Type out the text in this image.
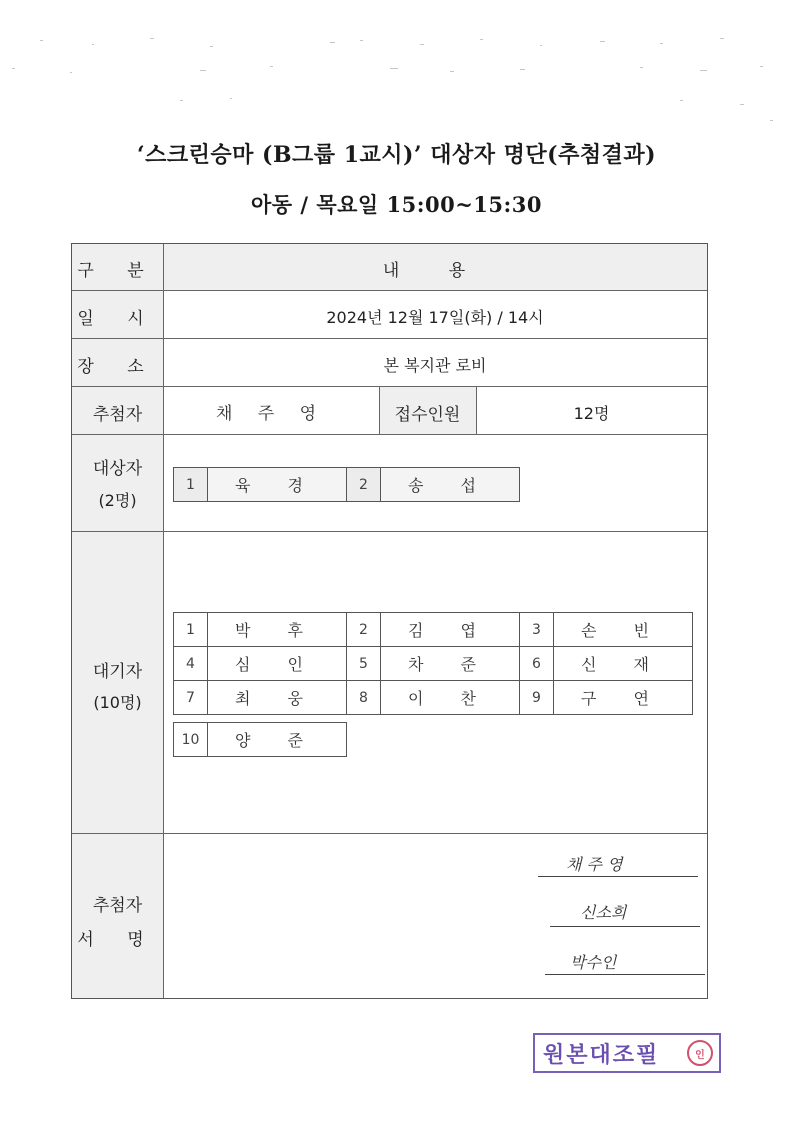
‘스크린승마 (B그룹 1교시)’ 대상자 명단(추첨결과)
아동 / 목요일 15:00~15:30
구 분	내 용
일 시	2024년 12월 17일(화) / 14시
장 소	본 복지관 로비
추첨자	채 주 영	접수인원	12명
대상자
(2명)
1	육 경	2	송 섭
대기자
(10명)
1	박 후	2	김 엽	3	손 빈
4	심 인	5	차 준	6	신 재
7	최 웅	8	이 찬	9	구 연
10	양 준
추첨자
서 명
채 주 영
신소희
박수인
원본대조필	인
